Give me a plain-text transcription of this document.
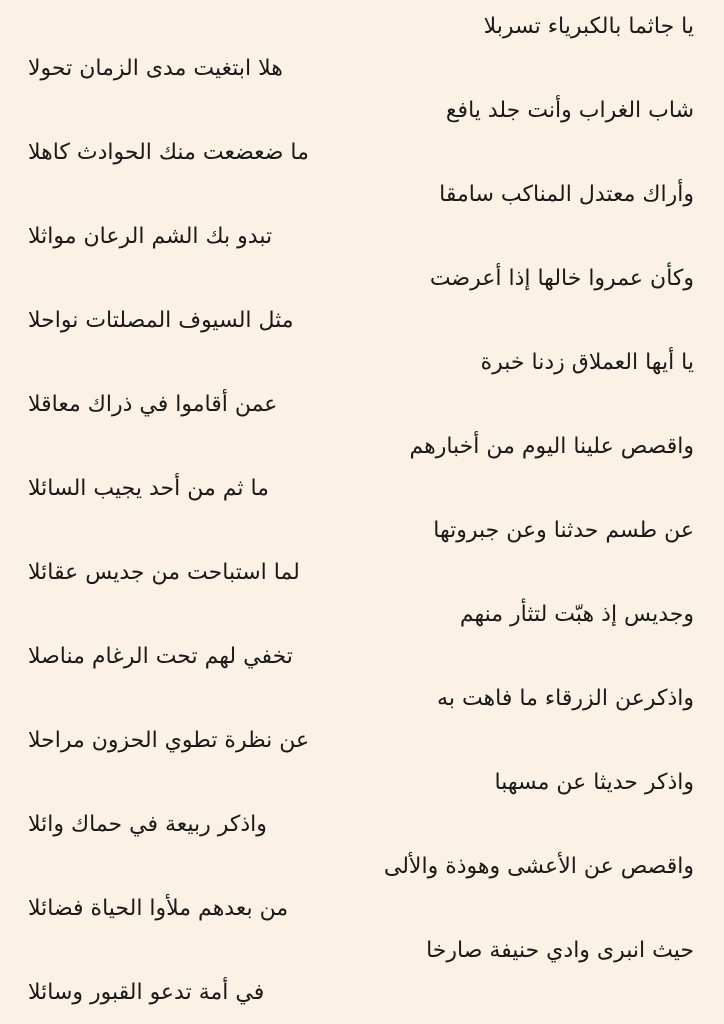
يا جاثما بالكبرياء تسربلا
هلا ابتغيت مدى الزمان تحولا
شاب الغراب وأنت جلد يافع
ما ضعضعت منك الحوادث كاهلا
وأراك معتدل المناكب سامقا
تبدو بك الشم الرعان مواثلا
وكأن عمروا خالها إذا أعرضت
مثل السيوف المصلتات نواحلا
يا أيها العملاق زدنا خبرة
عمن أقاموا في ذراك معاقلا
واقصص علينا اليوم من أخبارهم
ما ثم من أحد يجيب السائلا
عن طسم حدثنا وعن جبروتها
لما استباحت من جديس عقائلا
وجديس إذ هبّت لتثأر منهم
تخفي لهم تحت الرغام مناصلا
واذكرعن الزرقاء ما فاهت به
عن نظرة تطوي الحزون مراحلا
واذكر حديثا عن مسهبا
واذكر ربيعة في حماك وائلا
واقصص عن الأعشى وهوذة والألى
من بعدهم ملأوا الحياة فضائلا
حيث انبرى وادي حنيفة صارخا
في أمة تدعو القبور وسائلا
